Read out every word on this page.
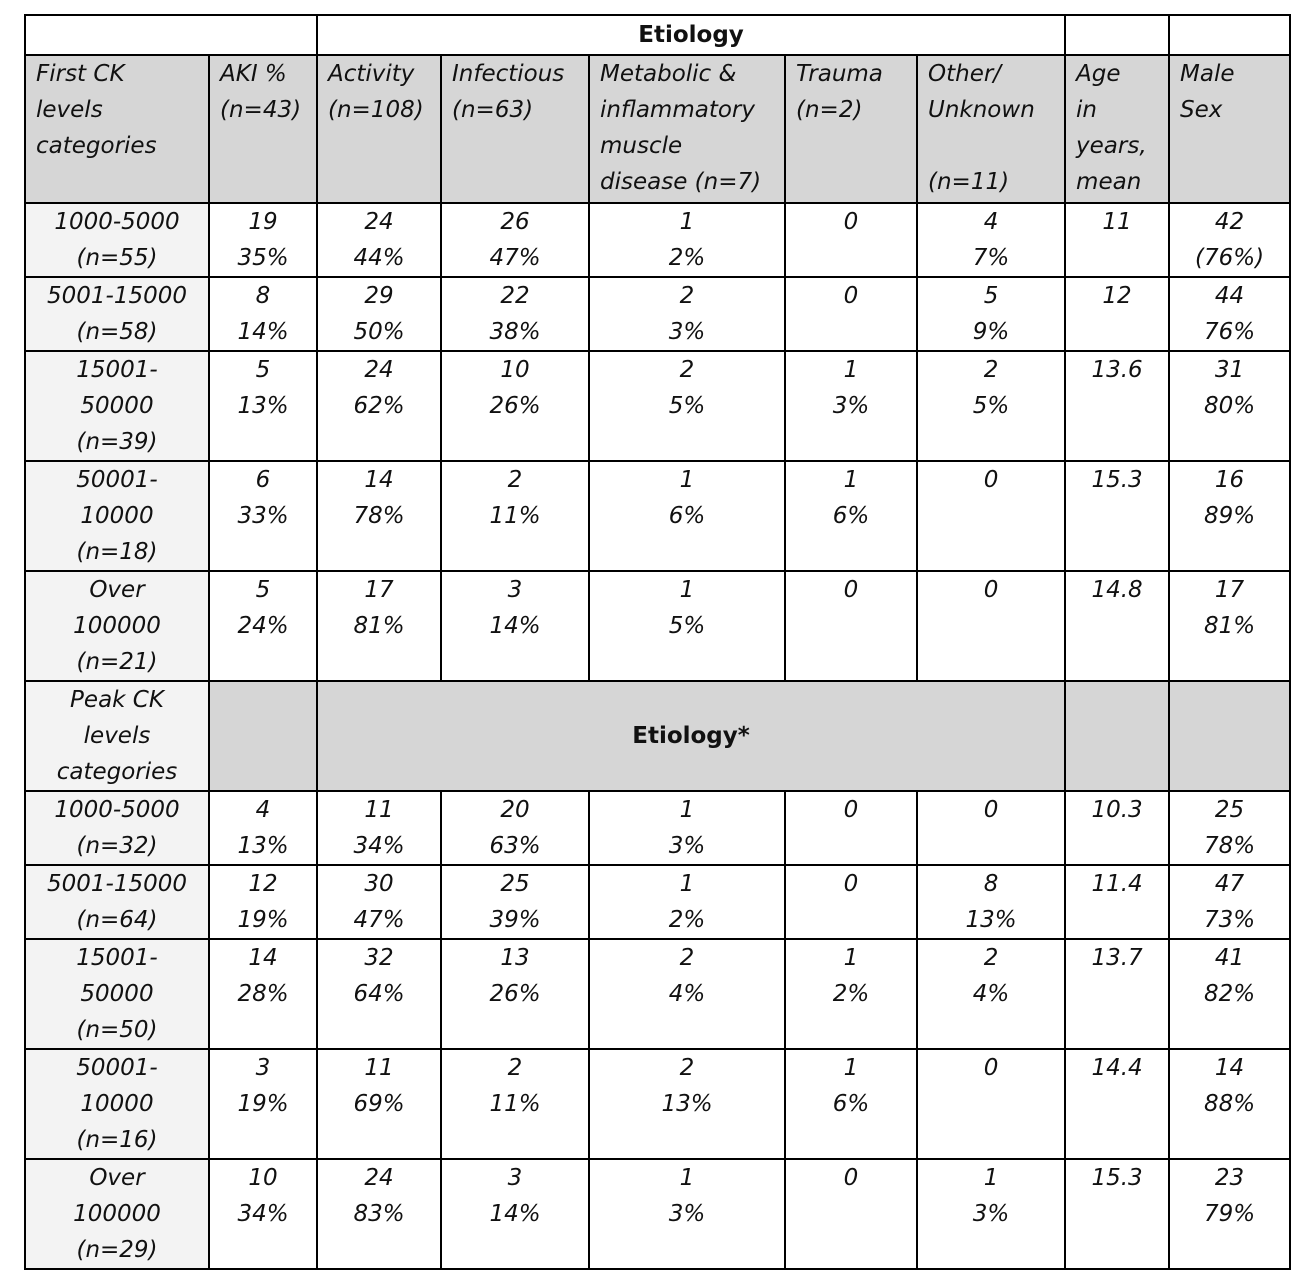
		Etiology						

First CK
levels
categories	AKI %
(n=43)	Activity
(n=108)	Infectious
(n=63)	Metabolic &
inflammatory
muscle
disease (n=7)	Trauma
(n=2)	Other/
Unknown

(n=11)	Age
in
years,
mean	Male
Sex

1000-5000
(n=55)	19
35%	24
44%	26
47%	1
2%	0	4
7%	11	42
(76%)

5001-15000
(n=58)	8
14%	29
50%	22
38%	2
3%	0	5
9%	12	44
76%

15001-
50000
(n=39)	5
13%	24
62%	10
26%	2
5%	1
3%	2
5%	13.6	31
80%

50001-
10000
(n=18)	6
33%	14
78%	2
11%	1
6%	1
6%	0	15.3	16
89%

Over
100000
(n=21)	5
24%	17
81%	3
14%	1
5%	0	0	14.8	17
81%

Peak CK
levels
categories		Etiology*						

1000-5000
(n=32)	4
13%	11
34%	20
63%	1
3%	0	0	10.3	25
78%

5001-15000
(n=64)	12
19%	30
47%	25
39%	1
2%	0	8
13%	11.4	47
73%

15001-
50000
(n=50)	14
28%	32
64%	13
26%	2
4%	1
2%	2
4%	13.7	41
82%

50001-
10000
(n=16)	3
19%	11
69%	2
11%	2
13%	1
6%	0	14.4	14
88%

Over
100000
(n=29)	10
34%	24
83%	3
14%	1
3%	0	1
3%	15.3	23
79%
